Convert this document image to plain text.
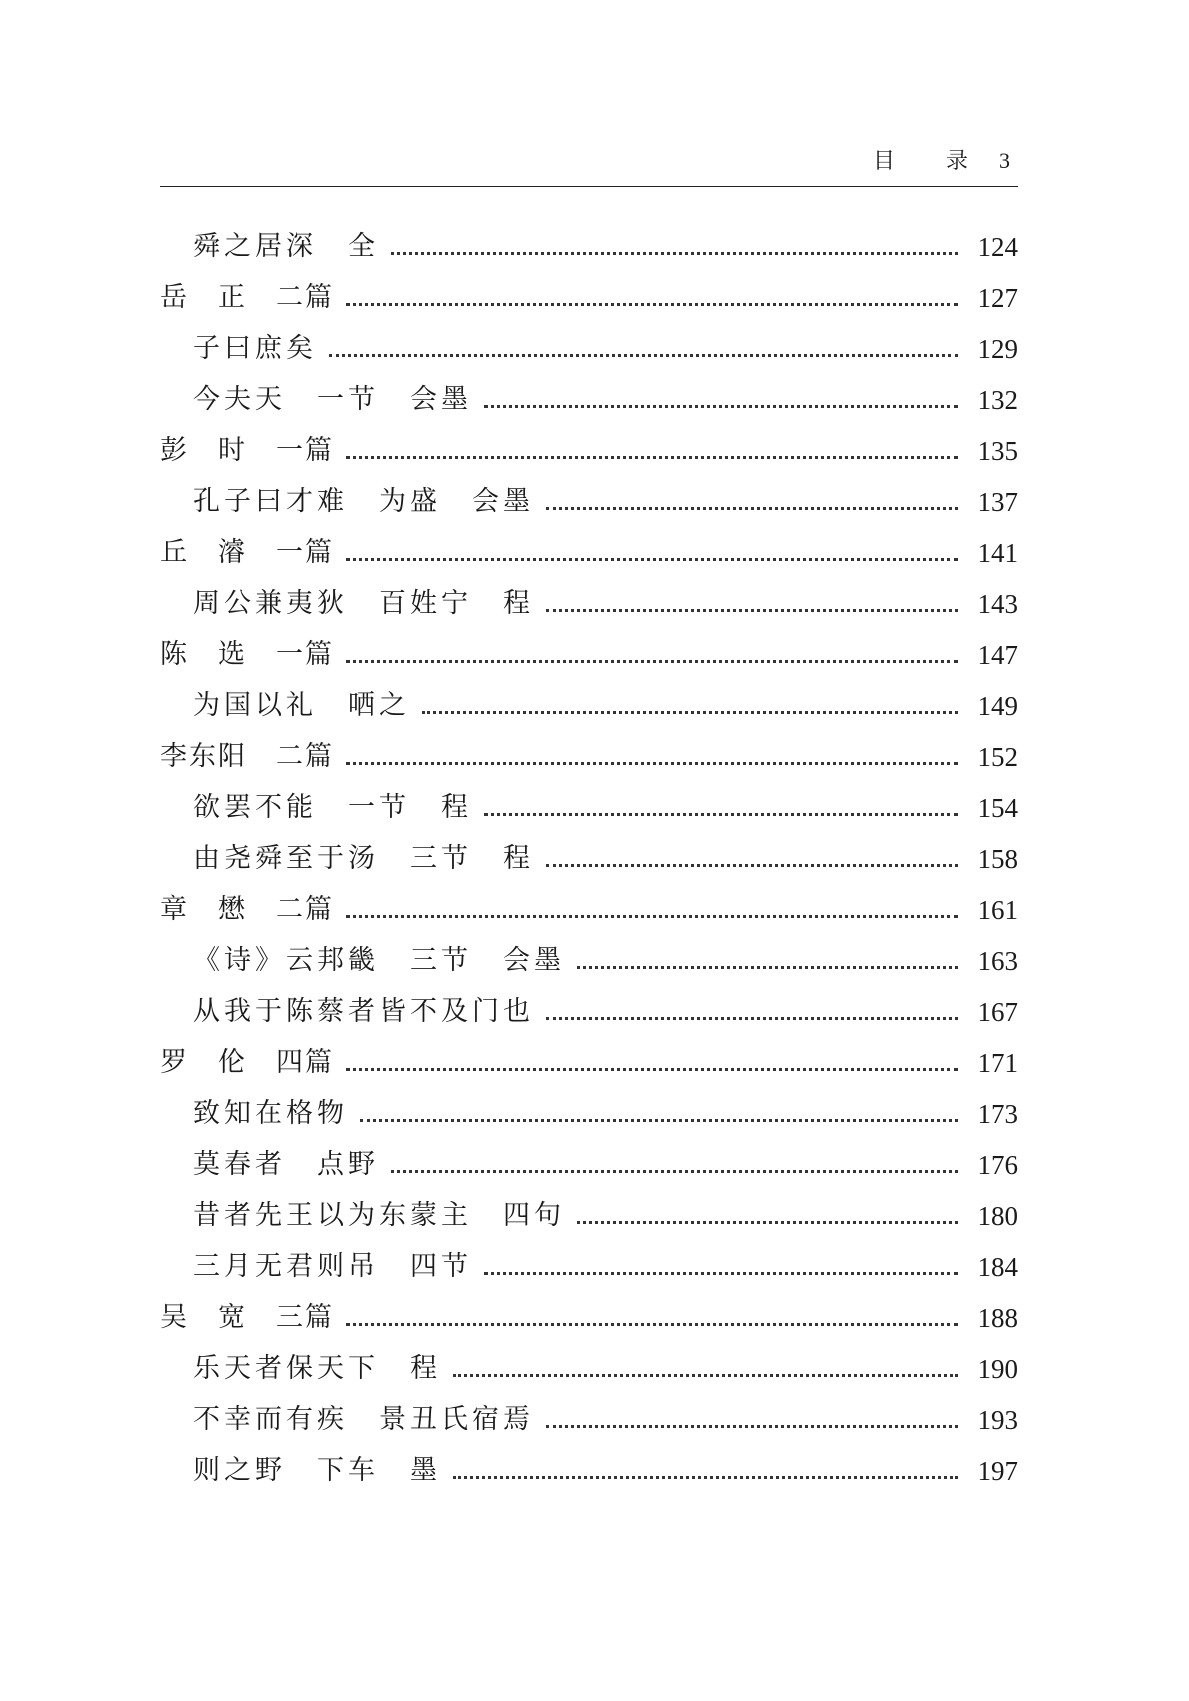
目 录 3
舜之居深　全	124
岳　正　二篇	127
子曰庶矣	129
今夫天　一节　会墨	132
彭　时　一篇	135
孔子曰才难　为盛　会墨	137
丘　濬　一篇	141
周公兼夷狄　百姓宁　程	143
陈　选　一篇	147
为国以礼　哂之	149
李东阳　二篇	152
欲罢不能　一节　程	154
由尧舜至于汤　三节　程	158
章　懋　二篇	161
《诗》云邦畿　三节　会墨	163
从我于陈蔡者皆不及门也	167
罗　伦　四篇	171
致知在格物	173
莫春者　点野	176
昔者先王以为东蒙主　四句	180
三月无君则吊　四节	184
吴　宽　三篇	188
乐天者保天下　程	190
不幸而有疾　景丑氏宿焉	193
则之野　下车　墨	197
